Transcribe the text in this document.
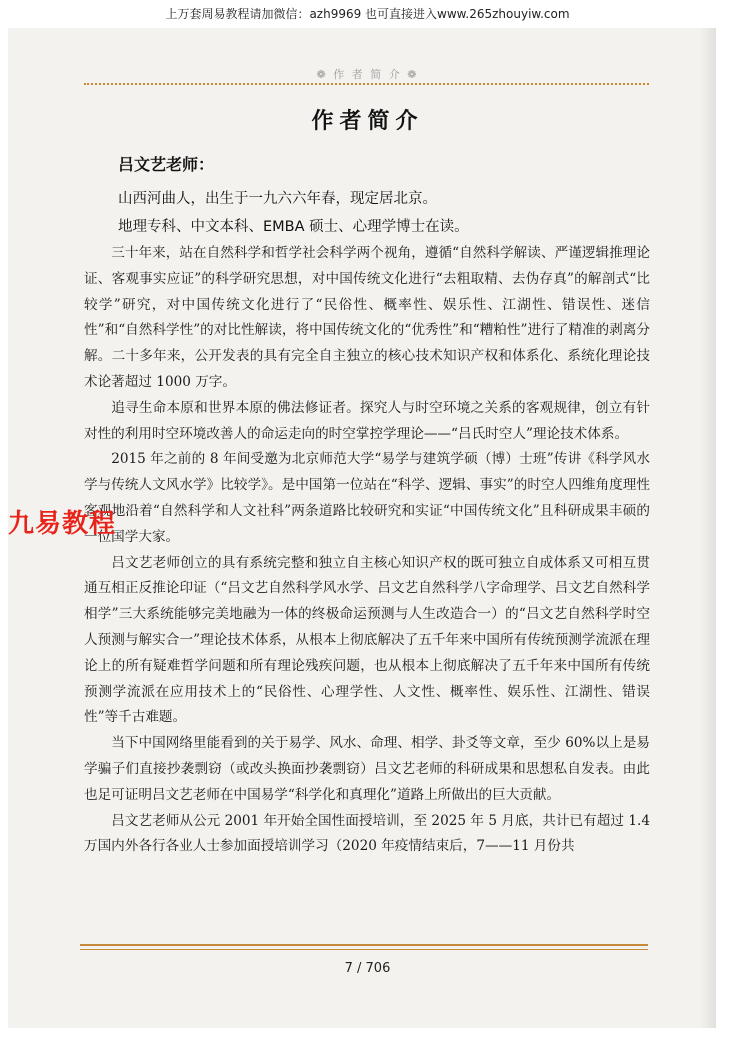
上万套周易教程请加微信：azh9969 也可直接进入www.265zhouyiw.com
❁ 作 者 简 介 ❁
作者简介
吕文艺老师：
山西河曲人，出生于一九六六年春，现定居北京。
地理专科、中文本科、EMBA 硕士、心理学博士在读。

三十年来，站在自然科学和哲学社会科学两个视角，遵循“自然科学解读、严谨逻辑推理论证、客观事实应证”的科学研究思想，对中国传统文化进行“去粗取精、去伪存真”的解剖式“比较学”研究，对中国传统文化进行了“民俗性、概率性、娱乐性、江湖性、错误性、迷信性”和“自然科学性”的对比性解读，将中国传统文化的“优秀性”和“糟粕性”进行了精准的剥离分解。二十多年来，公开发表的具有完全自主独立的核心技术知识产权和体系化、系统化理论技术论著超过 1000 万字。

追寻生命本原和世界本原的佛法修证者。探究人与时空环境之关系的客观规律，创立有针对性的利用时空环境改善人的命运走向的时空掌控学理论——“吕氏时空人”理论技术体系。

2015 年之前的 8 年间受邀为北京师范大学“易学与建筑学硕（博）士班”传讲《科学风水学与传统人文风水学》比较学》。是中国第一位站在“科学、逻辑、事实”的时空人四维角度理性客观地沿着“自然科学和人文社科”两条道路比较研究和实证“中国传统文化”且科研成果丰硕的一位国学大家。

吕文艺老师创立的具有系统完整和独立自主核心知识产权的既可独立自成体系又可相互贯通互相正反推论印证（“吕文艺自然科学风水学、吕文艺自然科学八字命理学、吕文艺自然科学相学”三大系统能够完美地融为一体的终极命运预测与人生改造合一）的“吕文艺自然科学时空人预测与解实合一”理论技术体系，从根本上彻底解决了五千年来中国所有传统预测学流派在理论上的所有疑难哲学问题和所有理论残疾问题，也从根本上彻底解决了五千年来中国所有传统预测学流派在应用技术上的“民俗性、心理学性、人文性、概率性、娱乐性、江湖性、错误性”等千古难题。

当下中国网络里能看到的关于易学、风水、命理、相学、卦爻等文章，至少 60%以上是易学骗子们直接抄袭剽窃（或改头换面抄袭剽窃）吕文艺老师的科研成果和思想私自发表。由此也足可证明吕文艺老师在中国易学“科学化和真理化”道路上所做出的巨大贡献。

吕文艺老师从公元 2001 年开始全国性面授培训，至 2025 年 5 月底，共计已有超过 1.4 万国内外各行各业人士参加面授培训学习（2020 年疫情结束后，7——11 月份共

九易教程
7 / 706
